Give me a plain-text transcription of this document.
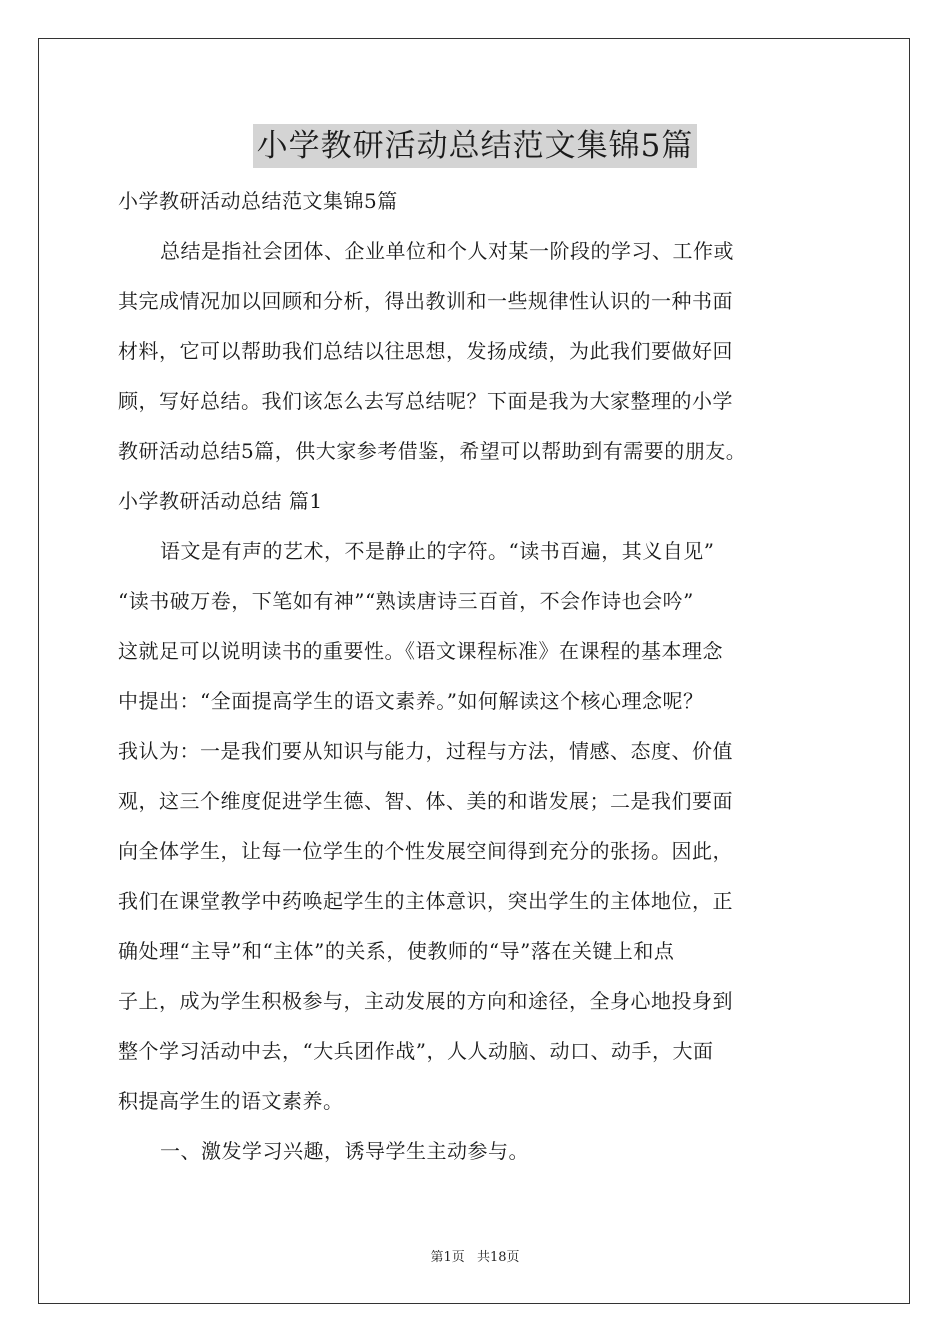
小学教研活动总结范文集锦5篇
小学教研活动总结范文集锦5篇
总结是指社会团体、企业单位和个人对某一阶段的学习、工作或
其完成情况加以回顾和分析，得出教训和一些规律性认识的一种书面
材料，它可以帮助我们总结以往思想，发扬成绩，为此我们要做好回
顾，写好总结。我们该怎么去写总结呢？下面是我为大家整理的小学
教研活动总结5篇，供大家参考借鉴，希望可以帮助到有需要的朋友。
小学教研活动总结 篇1
语文是有声的艺术，不是静止的字符。“读书百遍，其义自见”
“读书破万卷，下笔如有神”“熟读唐诗三百首，不会作诗也会吟”
这就足可以说明读书的重要性。《语文课程标准》在课程的基本理念
中提出：“全面提高学生的语文素养。”如何解读这个核心理念呢？
我认为：一是我们要从知识与能力，过程与方法，情感、态度、价值
观，这三个维度促进学生德、智、体、美的和谐发展；二是我们要面
向全体学生，让每一位学生的个性发展空间得到充分的张扬。因此，
我们在课堂教学中药唤起学生的主体意识，突出学生的主体地位，正
确处理“主导”和“主体”的关系，使教师的“导”落在关键上和点
子上，成为学生积极参与，主动发展的方向和途径，全身心地投身到
整个学习活动中去，“大兵团作战”，人人动脑、动口、动手，大面
积提高学生的语文素养。
一、激发学习兴趣，诱导学生主动参与。
第1页 共18页
